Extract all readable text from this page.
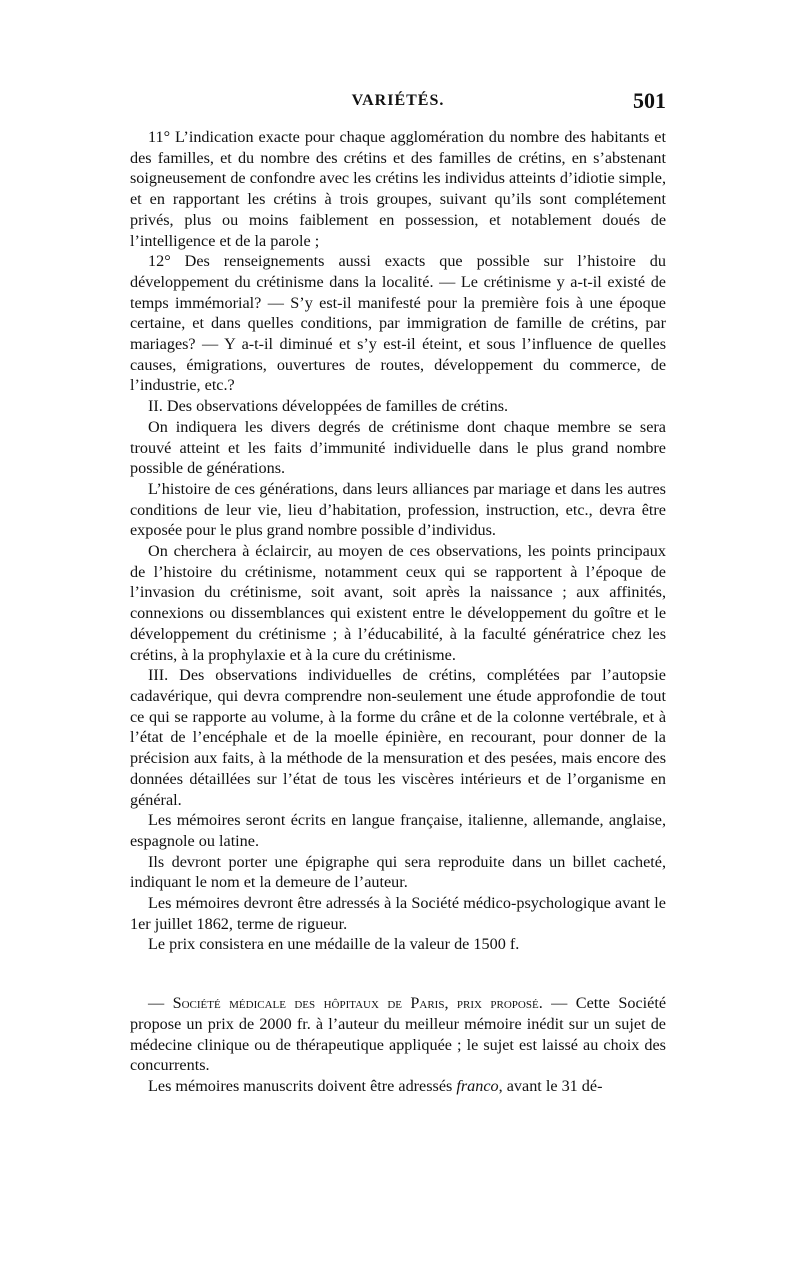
VARIÉTÉS.	501

11° L’indication exacte pour chaque agglomération du nombre des habitants et des familles, et du nombre des crétins et des familles de crétins, en s’abstenant soigneusement de confondre avec les crétins les individus atteints d’idiotie simple, et en rapportant les crétins à trois groupes, suivant qu’ils sont complétement privés, plus ou moins faiblement en possession, et notablement doués de l’intelligence et de la parole ;

12° Des renseignements aussi exacts que possible sur l’histoire du développement du crétinisme dans la localité. — Le crétinisme y a-t-il existé de temps immémorial? — S’y est-il manifesté pour la première fois à une époque certaine, et dans quelles conditions, par immigration de famille de crétins, par mariages? — Y a-t-il diminué et s’y est-il éteint, et sous l’influence de quelles causes, émigrations, ouvertures de routes, développement du commerce, de l’industrie, etc.?

II. Des observations développées de familles de crétins.

On indiquera les divers degrés de crétinisme dont chaque membre se sera trouvé atteint et les faits d’immunité individuelle dans le plus grand nombre possible de générations.

L’histoire de ces générations, dans leurs alliances par mariage et dans les autres conditions de leur vie, lieu d’habitation, profession, instruction, etc., devra être exposée pour le plus grand nombre possible d’individus.

On cherchera à éclaircir, au moyen de ces observations, les points principaux de l’histoire du crétinisme, notamment ceux qui se rapportent à l’époque de l’invasion du crétinisme, soit avant, soit après la naissance ; aux affinités, connexions ou dissemblances qui existent entre le développement du goître et le développement du crétinisme ; à l’éducabilité, à la faculté génératrice chez les crétins, à la prophylaxie et à la cure du crétinisme.

III. Des observations individuelles de crétins, complétées par l’autopsie cadavérique, qui devra comprendre non-seulement une étude approfondie de tout ce qui se rapporte au volume, à la forme du crâne et de la colonne vertébrale, et à l’état de l’encéphale et de la moelle épinière, en recourant, pour donner de la précision aux faits, à la méthode de la mensuration et des pesées, mais encore des données détaillées sur l’état de tous les viscères intérieurs et de l’organisme en général.

Les mémoires seront écrits en langue française, italienne, allemande, anglaise, espagnole ou latine.

Ils devront porter une épigraphe qui sera reproduite dans un billet cacheté, indiquant le nom et la demeure de l’auteur.

Les mémoires devront être adressés à la Société médico-psychologique avant le 1er juillet 1862, terme de rigueur.

Le prix consistera en une médaille de la valeur de 1500 f.

— Société médicale des hôpitaux de Paris, prix proposé. — Cette Société propose un prix de 2000 fr. à l’auteur du meilleur mémoire inédit sur un sujet de médecine clinique ou de thérapeutique appliquée ; le sujet est laissé au choix des concurrents.

Les mémoires manuscrits doivent être adressés franco, avant le 31 dé-
